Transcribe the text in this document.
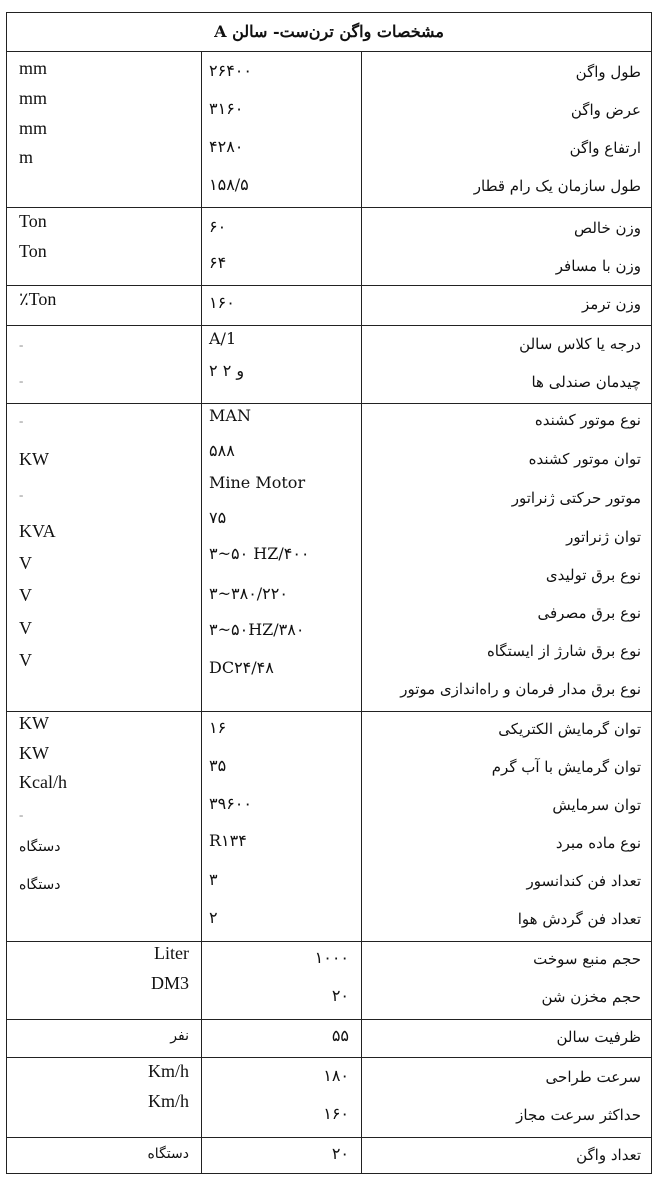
مشخصات واگن ترن‌ست- سالن A
طول واگن
عرض واگن
ارتفاع واگن
طول سازمان یک رام قطار
۲۶۴۰۰
۳۱۶۰
۴۲۸۰
۱۵۸/۵
mm
mm
mm
m
وزن خالص
وزن با مسافر
۶۰
۶۴
Ton
Ton
وزن ترمز
۱۶۰
٪Ton
درجه یا کلاس سالن
چیدمان صندلی ها
A/1
۲ و ۲
-
-
نوع موتور کشنده
توان موتور کشنده
موتور حرکتی ژنراتور
توان ژنراتور
نوع برق تولیدی
نوع برق مصرفی
نوع برق شارژ از ایستگاه
نوع برق مدار فرمان و راه‌اندازی موتور
MAN
۵۸۸
Mine Motor
۷۵
۳~۵۰ HZ/۴۰۰
۳~۳۸۰/۲۲۰
۳~۵۰HZ/۳۸۰
DC۲۴/۴۸
-
KW
-
KVA
V
V
V
V
توان گرمایش الکتریکی
توان گرمایش با آب گرم
توان سرمایش
نوع ماده مبرد
تعداد فن کندانسور
تعداد فن گردش هوا
۱۶
۳۵
۳۹۶۰۰
R۱۳۴
۳
۲
KW
KW
Kcal/h
-
دستگاه
دستگاه
حجم منبع سوخت
حجم مخزن شن
۱۰۰۰
۲۰
Liter
DM3
ظرفیت سالن
۵۵
نفر
سرعت طراحی
حداکثر سرعت مجاز
۱۸۰
۱۶۰
Km/h
Km/h
تعداد واگن
۲۰
دستگاه
